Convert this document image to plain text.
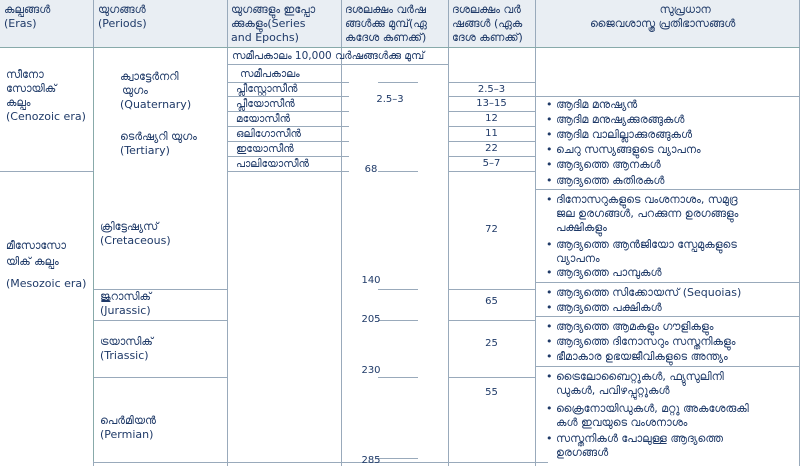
കല്പങ്ങൾ
(Eras)
യുഗങ്ങൾ
(Periods)
യുഗങ്ങളും ഇപ്പോ
ക്കുകളും(Series
and Epochs)
ദശലക്ഷം വർഷ
ങ്ങൾക്കു മുമ്പ്(ഏ
കദേശ കണക്ക്)
ദശലക്ഷം വർ
ഷങ്ങൾ (ഏക
ദേശ കണക്ക്)
സുപ്രധാന
ജൈവശാസ്ത്ര പ്രതിഭാസങ്ങൾ
സമീപകാലം 10,000 വർഷങ്ങൾക്കു മുമ്പ്
സീനോ
സോയിക്
കല്പം
(Cenozoic era)
മീസോസോ
യിക് കല്പം
(Mesozoic era)
ക്വാട്ടേർനറി
യുഗം
(Quaternary)
ടെർഷ്യറി യുഗം
(Tertiary)
ക്രിട്ടേഷ്യസ്
(Cretaceous)
ജുറാസിക്
(Jurassic)
ട്രയാസിക്
(Triassic)
പെർമിയൻ
(Permian)
സമീപകാലം
പ്ലീസ്റ്റോസീൻ
പ്ലീയോസീൻ
മയോസീൻ
ഒലിഗോസീൻ
ഇയോസീൻ
പാലിയോസീൻ
2.5–3
68
140
205
230
285
2.5–3
13–15
12
11
22
5–7
72
65
25
55
• ആദിമ മനുഷ്യൻ
• ആദിമ മനുഷ്യക്കുരങ്ങുകൾ
• ആദിമ വാലില്ലാക്കുരങ്ങുകൾ
• ചെറു സസ്യങ്ങളുടെ വ്യാപനം
• ആദ്യത്തെ ആനകൾ
• ആദ്യത്തെ കുതിരകൾ
• ദിനോസറുകളുടെ വംശനാശം, സമുദ്ര
ജല ഉരഗങ്ങൾ, പറക്കുന്ന ഉരഗങ്ങളും
പക്ഷികളും
• ആദ്യത്തെ ആൻജിയോ സ്പേമുകളുടെ
വ്യാപനം
• ആദ്യത്തെ പാമ്പുകൾ
• ആദ്യത്തെ സിക്കോയസ് (Sequoias)
• ആദ്യത്തെ പക്ഷികൾ
• ആദ്യത്തെ ആമകളും ഗൗളികളും
• ആദ്യത്തെ ദിനോസറും സസ്തനികളും
• ഭീമാകാര ഉഭയജീവികളുടെ അന്ത്യം
• ട്രൈലോബൈറ്റുകൾ, ഫ്യുസുലിനി
ഡുകൾ, പവിഴപ്പുറ്റുകൾ
• ക്രൈനോയിഡുകൾ, മറ്റു അകശേരുകി
കൾ ഇവയുടെ വംശനാശം
• സസ്തനികൾ പോലുള്ള ആദ്യത്തെ
ഉരഗങ്ങൾ
